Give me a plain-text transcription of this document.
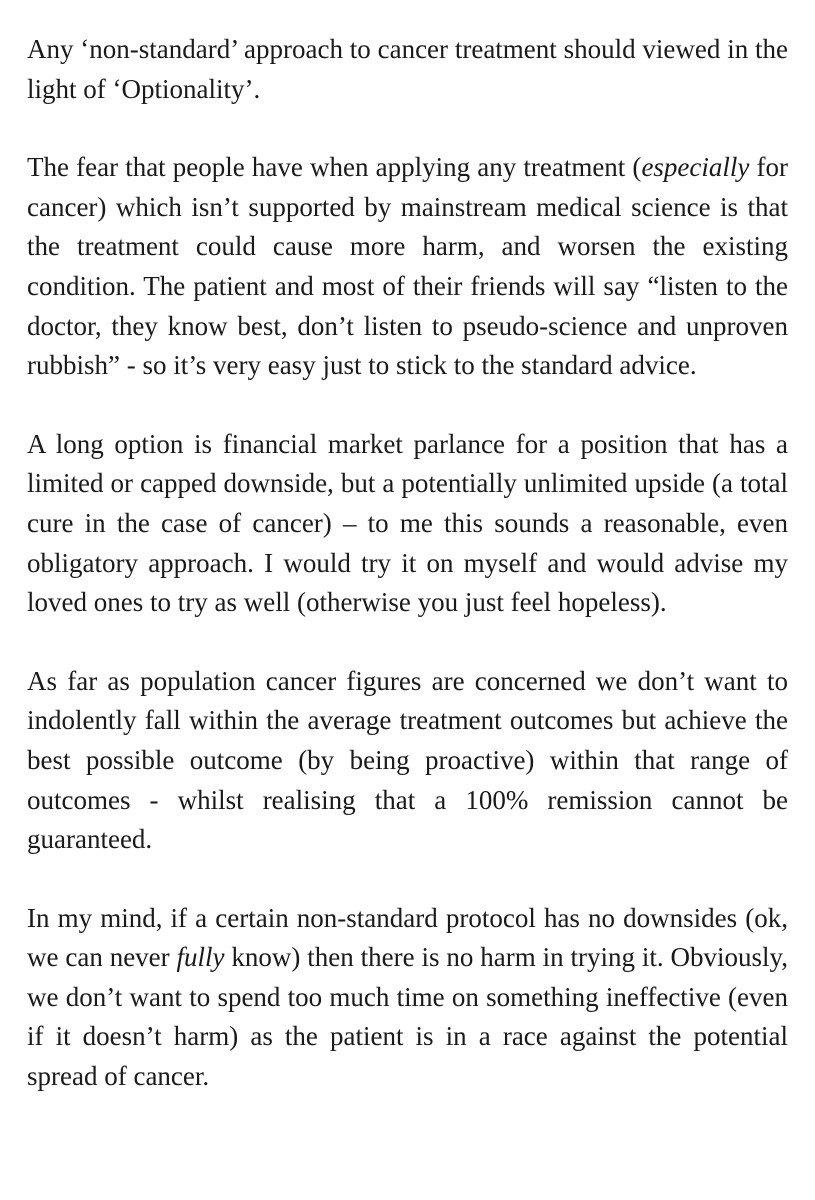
Any ‘non-standard’ approach to cancer treatment should viewed in the light of ‘Optionality’.

The fear that people have when applying any treatment (especially for cancer) which isn’t supported by mainstream medical science is that the treatment could cause more harm, and worsen the existing condition. The patient and most of their friends will say “listen to the doctor, they know best, don’t listen to pseudo-science and unproven rubbish” - so it’s very easy just to stick to the standard advice.

A long option is financial market parlance for a position that has a limited or capped downside, but a potentially unlimited upside (a total cure in the case of cancer) – to me this sounds a reasonable, even obligatory approach. I would try it on myself and would advise my loved ones to try as well (otherwise you just feel hopeless).

As far as population cancer figures are concerned we don’t want to indolently fall within the average treatment outcomes but achieve the best possible outcome (by being proactive) within that range of outcomes - whilst realising that a 100% remission cannot be guaranteed.

In my mind, if a certain non-standard protocol has no downsides (ok, we can never fully know) then there is no harm in trying it. Obviously, we don’t want to spend too much time on something ineffective (even if it doesn’t harm) as the patient is in a race against the potential spread of cancer.
